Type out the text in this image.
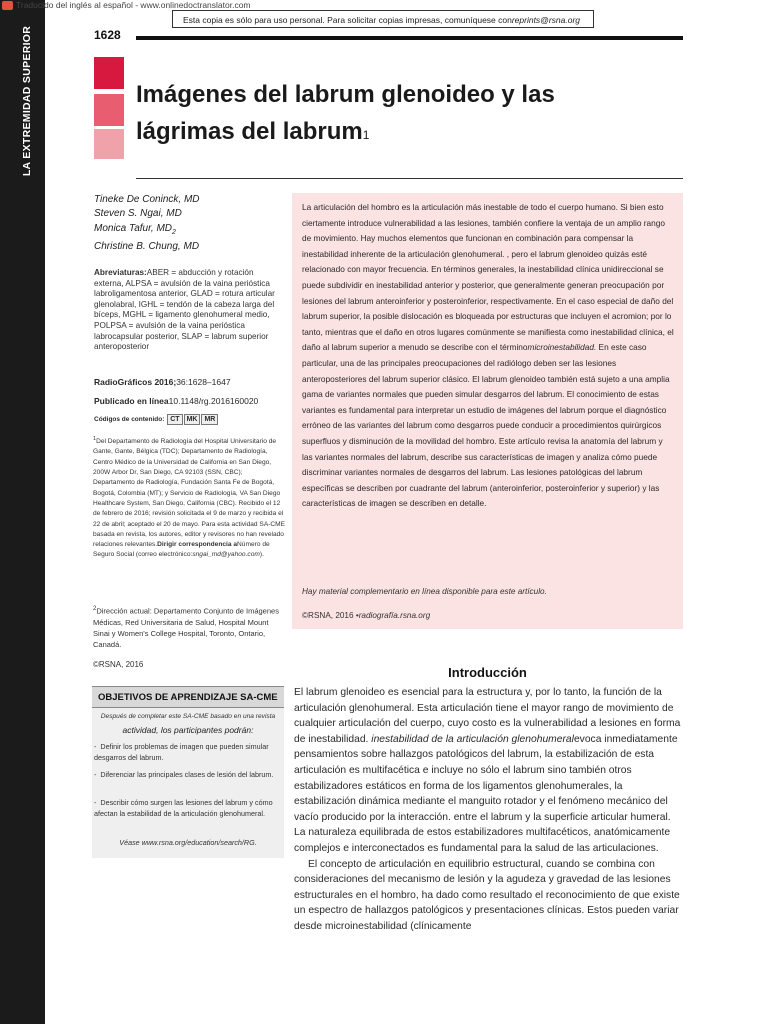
LA EXTREMIDAD SUPERIOR
Traducido del inglés al español - www.onlinedoctranslator.com
Esta copia es sólo para uso personal. Para solicitar copias impresas, comuníquese conreprints@rsna.org
1628
Imágenes del labrum glenoideo y las
lágrimas del labrum1
Tineke De Coninck, MD
Steven S. Ngai, MD
Monica Tafur, $MD_2$
Christine B. Chung, MD
Abreviaturas:ABER = abducción y rotación externa, ALPSA = avulsión de la vaina perióstica labroligamentosa anterior, GLAD = rotura articular glenolabral, IGHL = tendón de la cabeza larga del bíceps, MGHL = ligamento glenohumeral medio, POLPSA = avulsión de la vaina perióstica labrocapsular posterior, SLAP = labrum superior anteroposterior
RadioGráficos 2016;36:1628–1647
Publicado en línea10.1148/rg.2016160020
Códigos de contenido: CT MK MR
$^1$Del Departamento de Radiología del Hospital Universitario de Gante, Gante, Bélgica (TDC); Departamento de Radiología, Centro Médico de la Universidad de California en San Diego, 200W Arbor Dr, San Diego, CA 92103 (SSN, CBC); Departamento de Radiología, Fundación Santa Fe de Bogotá, Bogotá, Colombia (MT); y Servicio de Radiología, VA San Diego Healthcare System, San Diego, California (CBC). Recibido el 12 de febrero de 2016; revisión solicitada el 9 de marzo y recibida el 22 de abril; aceptado el 20 de mayo. Para esta actividad SA-CME basada en revista, los autores, editor y revisores no han revelado relaciones relevantes.Dirigir correspondencia aNúmero de Seguro Social (correo electrónico:sngai_md@yahoo.com).
$^2$Dirección actual: Departamento Conjunto de Imágenes Médicas, Red Universitaria de Salud, Hospital Mount Sinai y Women's College Hospital, Toronto, Ontario, Canadá.
©RSNA, 2016
OBJETIVOS DE APRENDIZAJE SA-CME
Después de completar este SA-CME basado en una revista
actividad, los participantes podrán:
-  Definir los problemas de imagen que pueden simular desgarros del labrum.
-  Diferenciar las principales clases de lesión del labrum.
-  Describir cómo surgen las lesiones del labrum y cómo afectan la estabilidad de la articulación glenohumeral.
Véase www.rsna.org/education/search/RG.
La articulación del hombro es la articulación más inestable de todo el cuerpo humano. Si bien esto ciertamente introduce vulnerabilidad a las lesiones, también confiere la ventaja de un amplio rango de movimiento. Hay muchos elementos que funcionan en combinación para compensar la inestabilidad inherente de la articulación glenohumeral. , pero el labrum glenoideo quizás esté relacionado con mayor frecuencia. En términos generales, la inestabilidad clínica unidireccional se puede subdividir en inestabilidad anterior y posterior, que generalmente generan preocupación por lesiones del labrum anteroinferior y posteroinferior, respectivamente. En el caso especial de daño del labrum superior, la posible dislocación es bloqueada por estructuras que incluyen el acromion; por lo tanto, mientras que el daño en otros lugares comúnmente se manifiesta como inestabilidad clínica, el daño al labrum superior a menudo se describe con el términomicroinestabilidad. En este caso particular, una de las principales preocupaciones del radiólogo deben ser las lesiones anteroposteriores del labrum superior clásico. El labrum glenoideo también está sujeto a una amplia gama de variantes normales que pueden simular desgarros del labrum. El conocimiento de estas variantes es fundamental para interpretar un estudio de imágenes del labrum porque el diagnóstico erróneo de las variantes del labrum como desgarros puede conducir a procedimientos quirúrgicos superfluos y disminución de la movilidad del hombro. Este artículo revisa la anatomía del labrum y las variantes normales del labrum, describe sus características de imagen y analiza cómo puede discriminar variantes normales de desgarros del labrum. Las lesiones patológicas del labrum específicas se describen por cuadrante del labrum (anteroinferior, posteroinferior y superior) y las características de imagen se describen en detalle.
Hay material complementario en línea disponible para este artículo.
©RSNA, 2016 •radiografía.rsna.org
Introducción

El labrum glenoideo es esencial para la estructura y, por lo tanto, la función de la articulación glenohumeral. Esta articulación tiene el mayor rango de movimiento de cualquier articulación del cuerpo, cuyo costo es la vulnerabilidad a lesiones en forma de inestabilidad. inestabilidad de la articulación glenohumeralevoca inmediatamente pensamientos sobre hallazgos patológicos del labrum, la estabilización de esta articulación es multifacética e incluye no sólo el labrum sino también otros estabilizadores estáticos en forma de los ligamentos glenohumerales, la estabilización dinámica mediante el manguito rotador y el fenómeno mecánico del vacío producido por la interacción. entre el labrum y la superficie articular humeral. La naturaleza equilibrada de estos estabilizadores multifacéticos, anatómicamente complejos e interconectados es fundamental para la salud de las articulaciones.

El concepto de articulación en equilibrio estructural, cuando se combina con consideraciones del mecanismo de lesión y la agudeza y gravedad de las lesiones estructurales en el hombro, ha dado como resultado el reconocimiento de que existe un espectro de hallazgos patológicos y presentaciones clínicas. Estos pueden variar desde microinestabilidad (clínicamente
